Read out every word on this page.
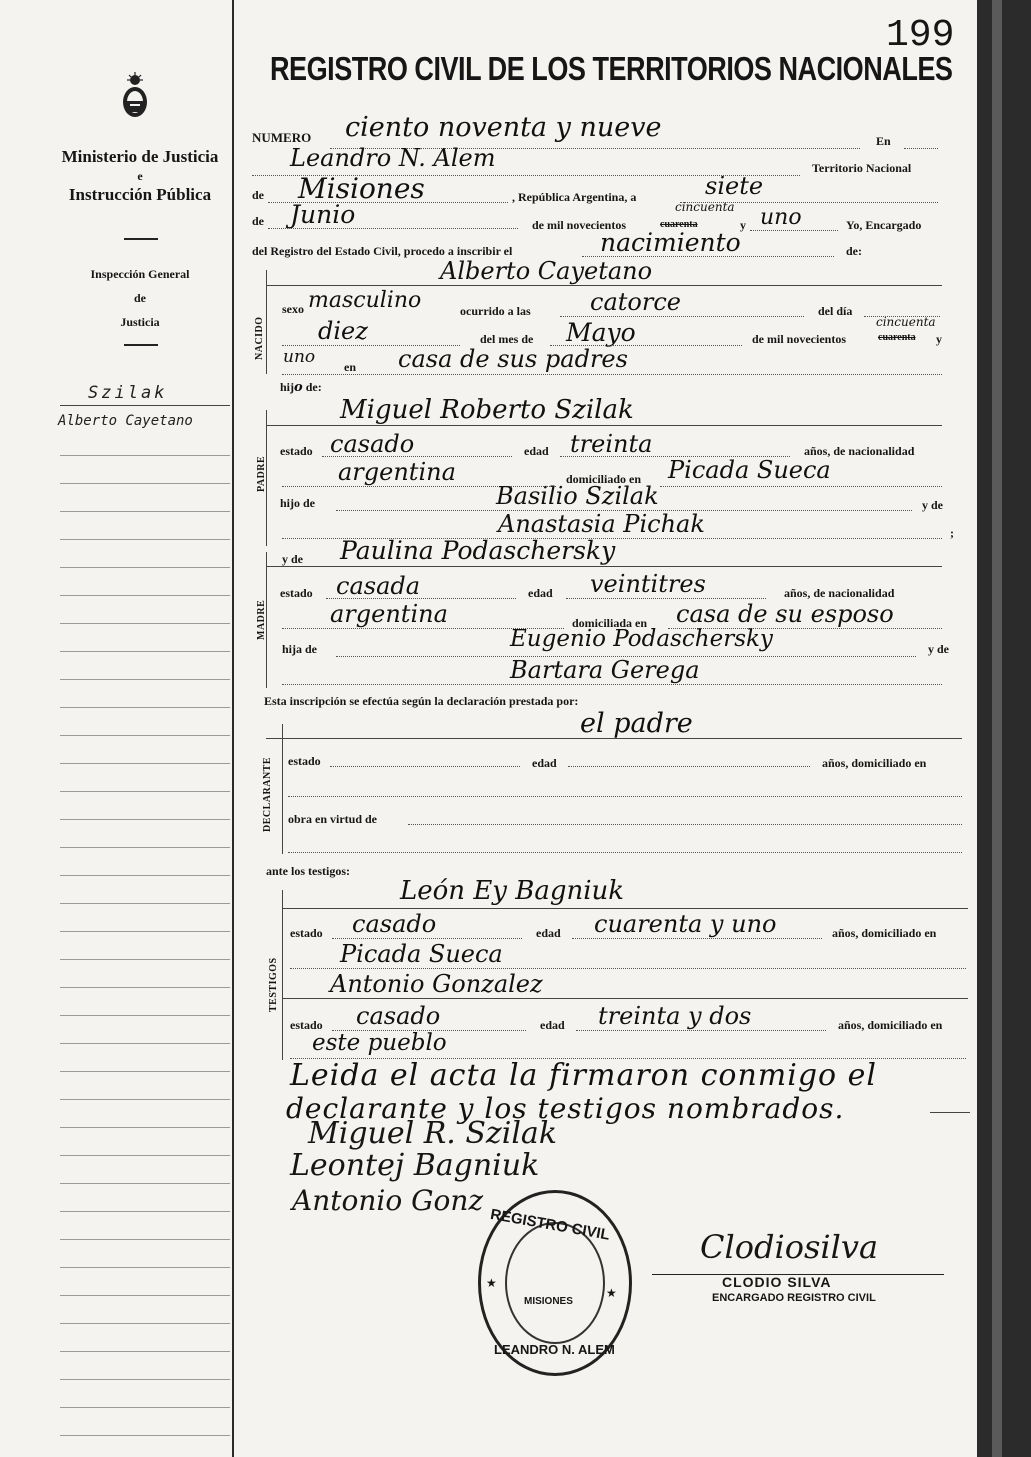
Ministerio de Justicia
e
Instrucción Pública
Inspección General
de
Justicia
Szilak
Alberto Cayetano
199
REGISTRO CIVIL DE LOS TERRITORIOS NACIONALES
NUMERO ciento noventa y nueve	En
Leandro N. Alem	Territorio Nacional
de Misiones	, República Argentina, a	siete
de Junio	de mil novecientos
cincuenta
cuarenta	y uno	Yo, Encargado
del Registro del Estado Civil, procedo a inscribir el	nacimiento	de:
NACIDO
Alberto Cayetano
sexo masculino	ocurrido a las catorce	del día
diez	del mes de Mayo	de mil novecientos
cincuenta
cuarenta y
uno en casa de sus padres
hijo de:
PADRE
Miguel Roberto Szilak
estado casado	edad treinta	años, de nacionalidad
argentina	domiciliado en Picada Sueca
hijo de	Basilio Szilak	y de
Anastasia Pichak	;
MADRE
y de Paulina Podaschersky
estado casada	edad veintitres	años, de nacionalidad
argentina	domiciliada en casa de su esposo
hija de	Eugenio Podaschersky	y de
Bartara Gerega
Esta inscripción se efectúa según la declaración prestada por:
el padre
DECLARANTE estado	edad	años, domiciliado en
obra en virtud de
ante los testigos:
TESTIGOS
León Ey Bagniuk
estado casado	edad cuarenta y uno	años, domiciliado en
Picada Sueca
Antonio Gonzalez
estado casado	edad treinta y dos	años, domiciliado en
este pueblo
Leida el acta la firmaron conmigo el
declarante y los testigos nombrados.
Miguel R. Szilak
Leontej Bagniuk
Antonio Gonz
REGISTRO CIVIL
MISIONES
LEANDRO N. ALEM
★
★
Clodiosilva
CLODIO SILVA
ENCARGADO REGISTRO CIVIL
